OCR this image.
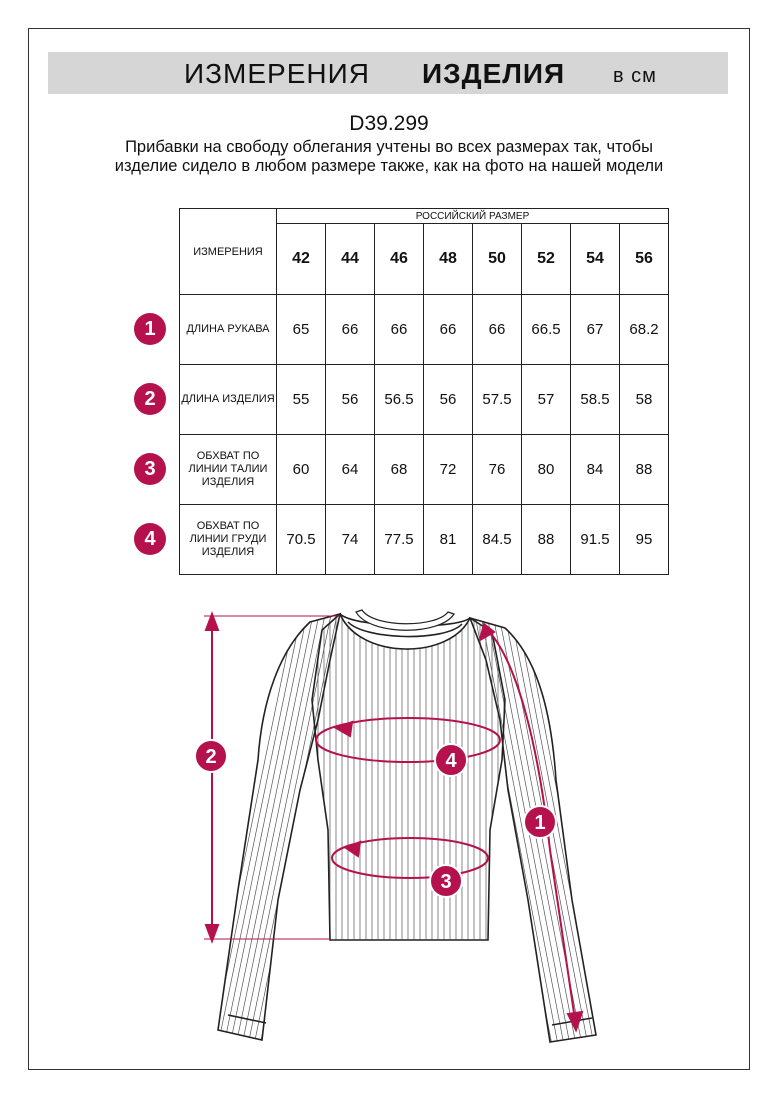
ИЗМЕРЕНИЯ ИЗДЕЛИЯ в см
D39.299
Прибавки на свободу облегания учтены во всех размерах так, чтобы изделие сидело в любом размере также, как на фото на нашей модели
ИЗМЕРЕНИЯ	РОССИЙСКИЙ РАЗМЕР							
	42	44	46	48	50	52	54	56
ДЛИНА РУКАВА	65	66	66	66	66	66.5	67	68.2
ДЛИНА ИЗДЕЛИЯ	55	56	56.5	56	57.5	57	58.5	58
ОБХВАТ ПО ЛИНИИ ТАЛИИ ИЗДЕЛИЯ	60	64	68	72	76	80	84	88
ОБХВАТ ПО ЛИНИИ ГРУДИ ИЗДЕЛИЯ	70.5	74	77.5	81	84.5	88	91.5	95
1
2
3
4
1
2
3
4
